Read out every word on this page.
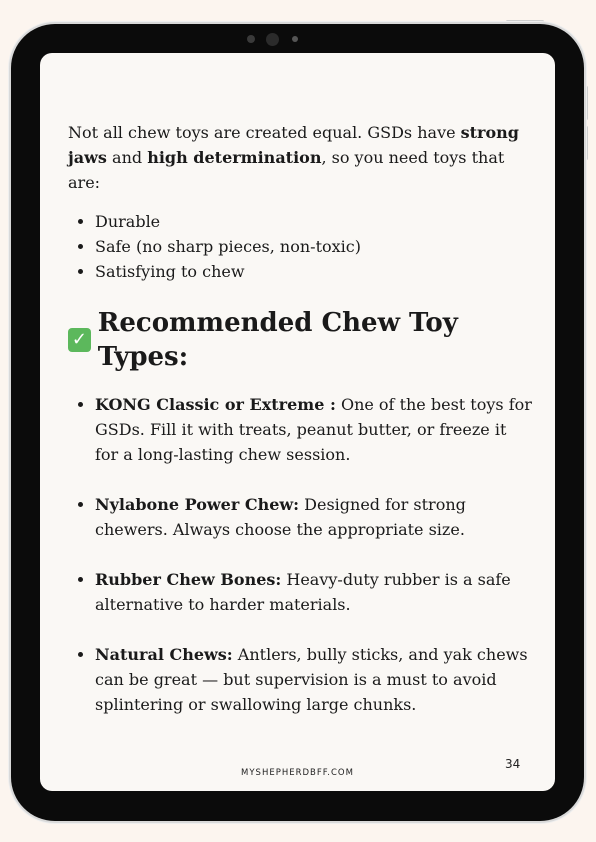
Not all chew toys are created equal. GSDs have strong jaws and high determination, so you need toys that are:

• Durable
• Safe (no sharp pieces, non-toxic)
• Satisfying to chew
✓
Recommended Chew Toy Types:
• KONG Classic or Extreme : One of the best toys for GSDs. Fill it with treats, peanut butter, or freeze it for a long-lasting chew session.
• Nylabone Power Chew: Designed for strong chewers. Always choose the appropriate size.
• Rubber Chew Bones: Heavy-duty rubber is a safe alternative to harder materials.
• Natural Chews: Antlers, bully sticks, and yak chews can be great — but supervision is a must to avoid splintering or swallowing large chunks.
MYSHEPHERDBFF.COM
34
